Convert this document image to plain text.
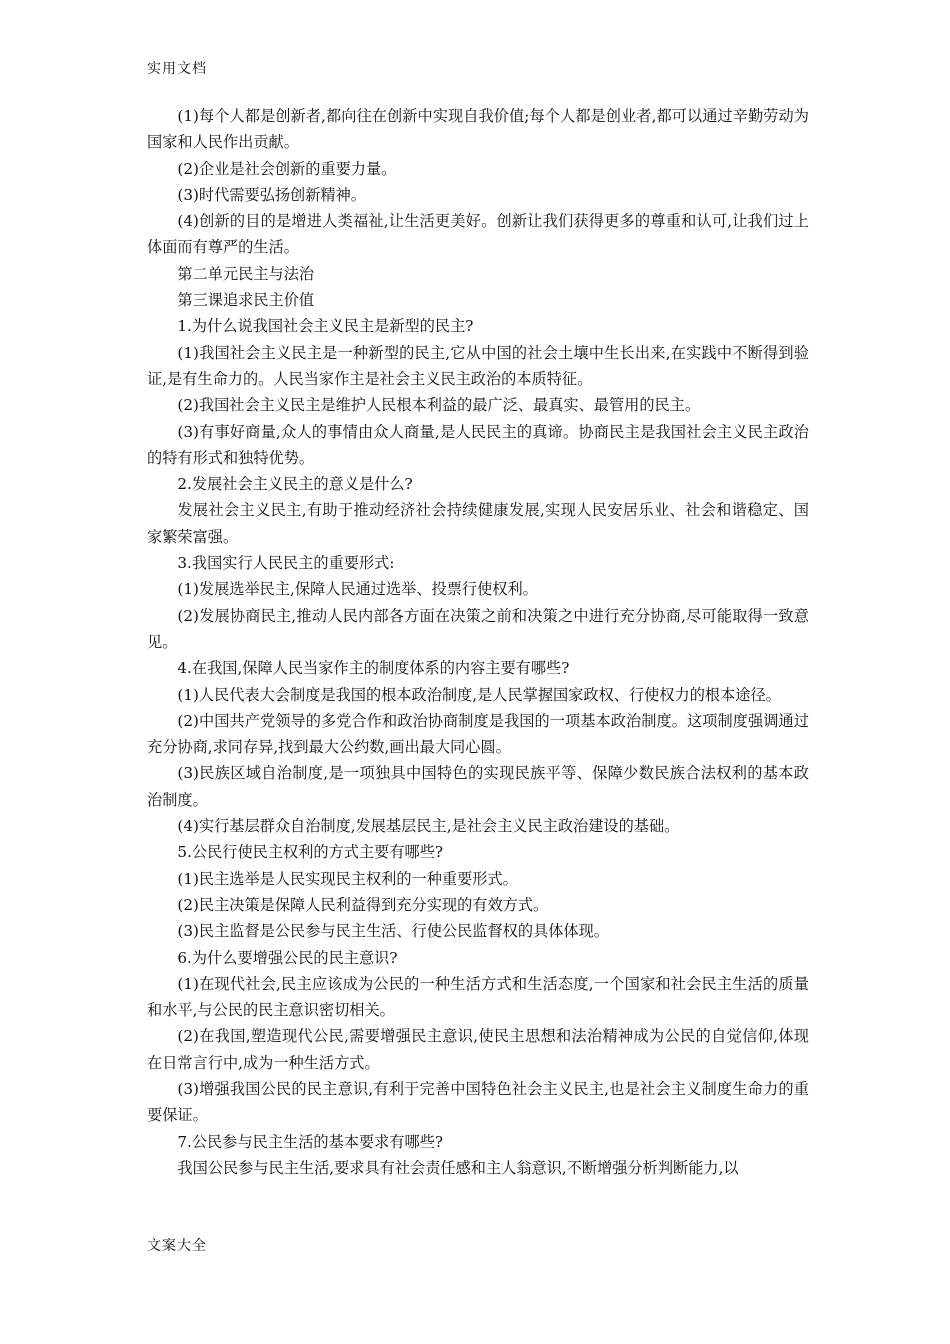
实用文档

(1)每个人都是创新者,都向往在创新中实现自我价值;每个人都是创业者,都可以通过辛勤劳动为国家和人民作出贡献。

(2)企业是社会创新的重要力量。

(3)时代需要弘扬创新精神。

(4)创新的目的是增进人类福祉,让生活更美好。创新让我们获得更多的尊重和认可,让我们过上体面而有尊严的生活。

第二单元民主与法治

第三课追求民主价值

1.为什么说我国社会主义民主是新型的民主?

(1)我国社会主义民主是一种新型的民主,它从中国的社会土壤中生长出来,在实践中不断得到验证,是有生命力的。人民当家作主是社会主义民主政治的本质特征。

(2)我国社会主义民主是维护人民根本利益的最广泛、最真实、最管用的民主。

(3)有事好商量,众人的事情由众人商量,是人民民主的真谛。协商民主是我国社会主义民主政治的特有形式和独特优势。

2.发展社会主义民主的意义是什么?

发展社会主义民主,有助于推动经济社会持续健康发展,实现人民安居乐业、社会和谐稳定、国家繁荣富强。

3.我国实行人民民主的重要形式:

(1)发展选举民主,保障人民通过选举、投票行使权利。

(2)发展协商民主,推动人民内部各方面在决策之前和决策之中进行充分协商,尽可能取得一致意见。

4.在我国,保障人民当家作主的制度体系的内容主要有哪些?

(1)人民代表大会制度是我国的根本政治制度,是人民掌握国家政权、行使权力的根本途径。

(2)中国共产党领导的多党合作和政治协商制度是我国的一项基本政治制度。这项制度强调通过充分协商,求同存异,找到最大公约数,画出最大同心圆。

(3)民族区域自治制度,是一项独具中国特色的实现民族平等、保障少数民族合法权利的基本政治制度。

(4)实行基层群众自治制度,发展基层民主,是社会主义民主政治建设的基础。

5.公民行使民主权利的方式主要有哪些?

(1)民主选举是人民实现民主权利的一种重要形式。

(2)民主决策是保障人民利益得到充分实现的有效方式。

(3)民主监督是公民参与民主生活、行使公民监督权的具体体现。

6.为什么要增强公民的民主意识?

(1)在现代社会,民主应该成为公民的一种生活方式和生活态度,一个国家和社会民主生活的质量和水平,与公民的民主意识密切相关。

(2)在我国,塑造现代公民,需要增强民主意识,使民主思想和法治精神成为公民的自觉信仰,体现在日常言行中,成为一种生活方式。

(3)增强我国公民的民主意识,有利于完善中国特色社会主义民主,也是社会主义制度生命力的重要保证。

7.公民参与民主生活的基本要求有哪些?

我国公民参与民主生活,要求具有社会责任感和主人翁意识,不断增强分析判断能力,以

文案大全
